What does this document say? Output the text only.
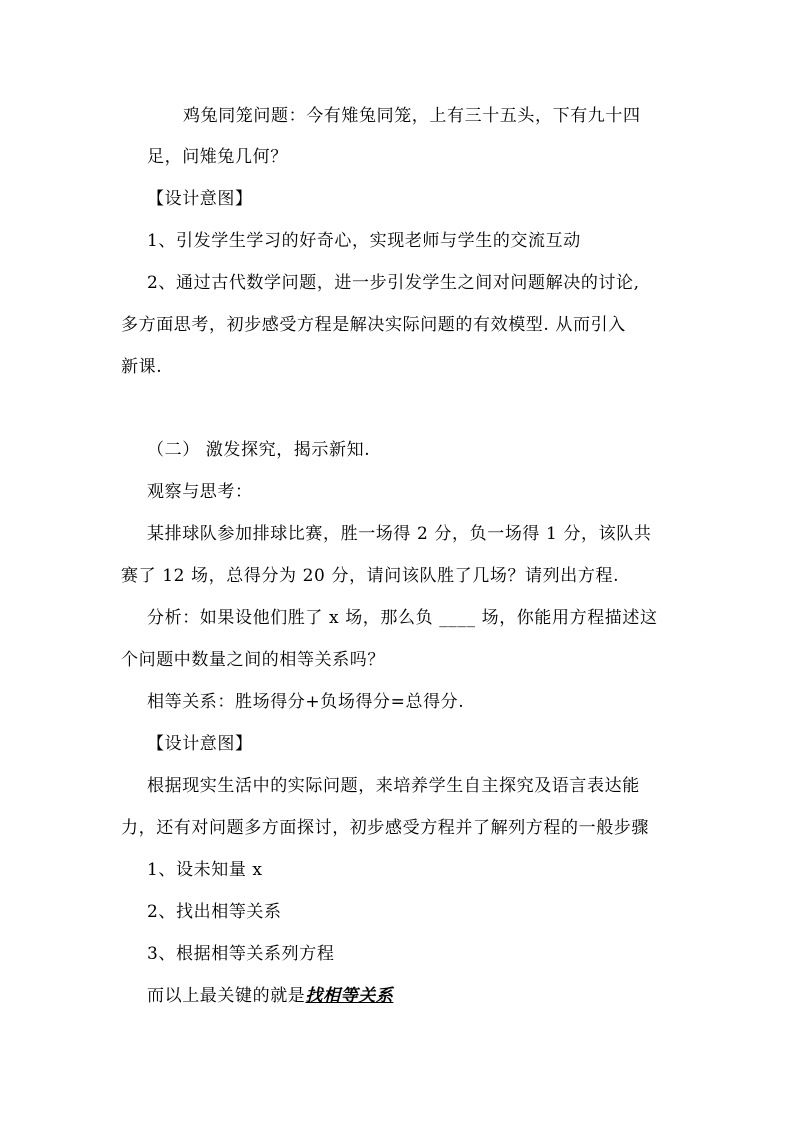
鸡兔同笼问题：今有雉兔同笼，上有三十五头，下有九十四
足，问雉兔几何？
【设计意图】
1、引发学生学习的好奇心，实现老师与学生的交流互动
2、通过古代数学问题，进一步引发学生之间对问题解决的讨论,
多方面思考，初步感受方程是解决实际问题的有效模型. 从而引入
新课.
（二） 激发探究，揭示新知.
观察与思考：
某排球队参加排球比赛，胜一场得 2 分，负一场得 1 分，该队共
赛了 12 场，总得分为 20 分，请问该队胜了几场？请列出方程.
分析：如果设他们胜了 x 场，那么负 ____ 场，你能用方程描述这
个问题中数量之间的相等关系吗？
相等关系：胜场得分+负场得分=总得分.
【设计意图】
根据现实生活中的实际问题，来培养学生自主探究及语言表达能
力，还有对问题多方面探讨，初步感受方程并了解列方程的一般步骤
1、设未知量 x
2、找出相等关系
3、根据相等关系列方程
而以上最关键的就是找相等关系
